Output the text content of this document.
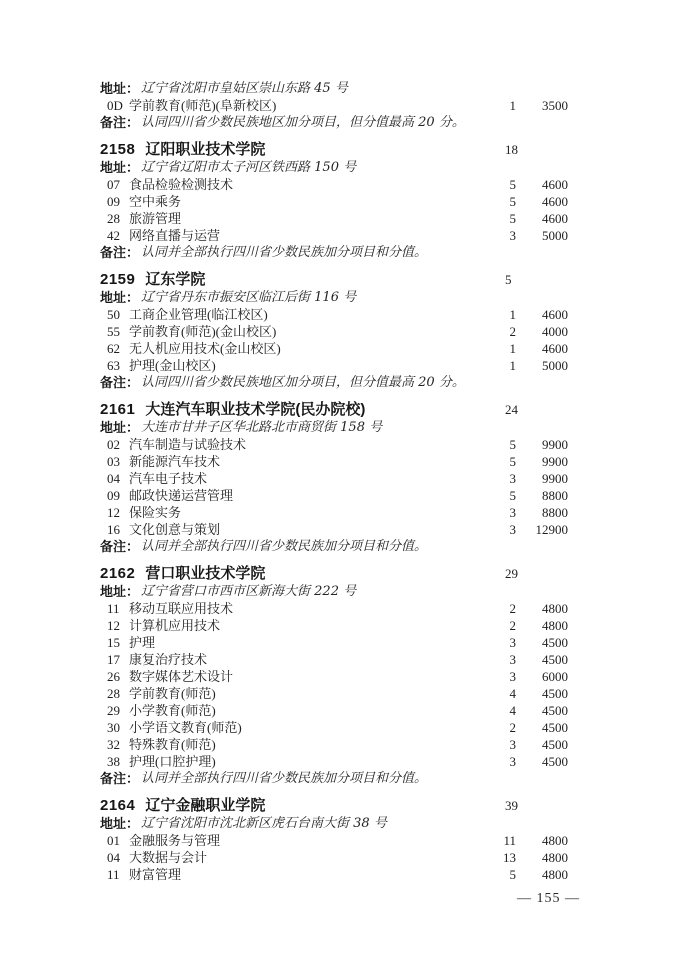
地址： 辽宁省沈阳市皇姑区崇山东路 45 号
0D 学前教育(师范)(阜新校区)	1	3500
备注： 认同四川省少数民族地区加分项目，但分值最高 20 分。
2158 辽阳职业技术学院	18
地址： 辽宁省辽阳市太子河区铁西路 150 号
07 食品检验检测技术	5	4600
09 空中乘务	5	4600
28 旅游管理	5	4600
42 网络直播与运营	3	5000
备注： 认同并全部执行四川省少数民族加分项目和分值。
2159 辽东学院	5
地址： 辽宁省丹东市振安区临江后街 116 号
50 工商企业管理(临江校区)	1	4600
55 学前教育(师范)(金山校区)	2	4000
62 无人机应用技术(金山校区)	1	4600
63 护理(金山校区)	1	5000
备注： 认同四川省少数民族地区加分项目，但分值最高 20 分。
2161 大连汽车职业技术学院(民办院校)	24
地址： 大连市甘井子区华北路北市商贸街 158 号
02 汽车制造与试验技术	5	9900
03 新能源汽车技术	5	9900
04 汽车电子技术	3	9900
09 邮政快递运营管理	5	8800
12 保险实务	3	8800
16 文化创意与策划	3	12900
备注： 认同并全部执行四川省少数民族加分项目和分值。
2162 营口职业技术学院	29
地址： 辽宁省营口市西市区新海大街 222 号
11 移动互联应用技术	2	4800
12 计算机应用技术	2	4800
15 护理	3	4500
17 康复治疗技术	3	4500
26 数字媒体艺术设计	3	6000
28 学前教育(师范)	4	4500
29 小学教育(师范)	4	4500
30 小学语文教育(师范)	2	4500
32 特殊教育(师范)	3	4500
38 护理(口腔护理)	3	4500
备注： 认同并全部执行四川省少数民族加分项目和分值。
2164 辽宁金融职业学院	39
地址： 辽宁省沈阳市沈北新区虎石台南大街 38 号
01 金融服务与管理	11	4800
04 大数据与会计	13	4800
11 财富管理	5	4800
— 155 —
